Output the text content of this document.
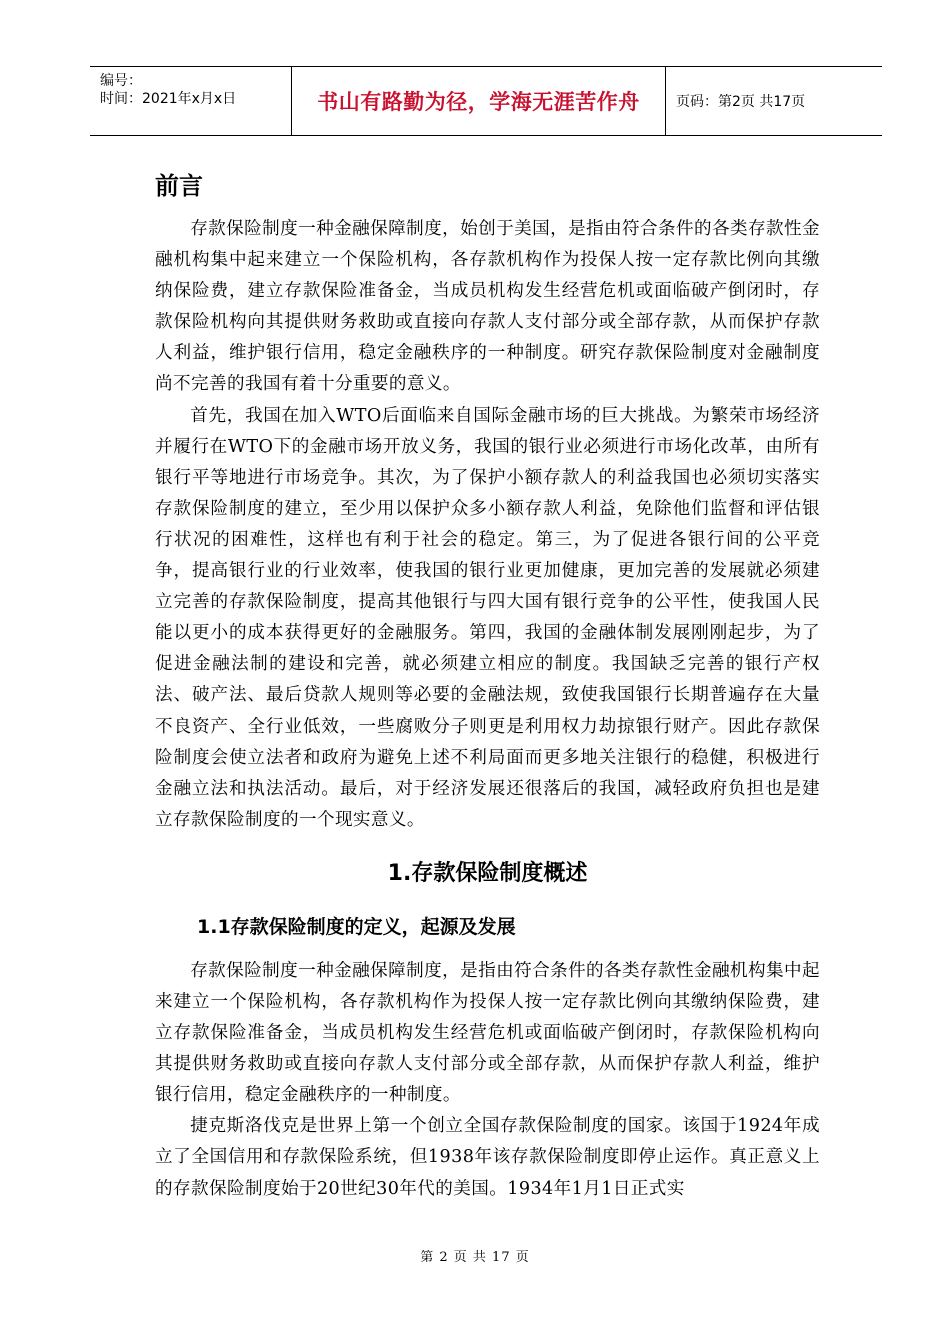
编号：
时间：2021年x月x日	书山有路勤为径，学海无涯苦作舟	页码：第2页 共17页
前言

存款保险制度一种金融保障制度，始创于美国，是指由符合条件的各类存款性金融机构集中起来建立一个保险机构，各存款机构作为投保人按一定存款比例向其缴纳保险费，建立存款保险准备金，当成员机构发生经营危机或面临破产倒闭时，存款保险机构向其提供财务救助或直接向存款人支付部分或全部存款，从而保护存款人利益，维护银行信用，稳定金融秩序的一种制度。研究存款保险制度对金融制度尚不完善的我国有着十分重要的意义。

首先，我国在加入WTO后面临来自国际金融市场的巨大挑战。为繁荣市场经济并履行在WTO下的金融市场开放义务，我国的银行业必须进行市场化改革，由所有银行平等地进行市场竞争。其次，为了保护小额存款人的利益我国也必须切实落实存款保险制度的建立，至少用以保护众多小额存款人利益，免除他们监督和评估银行状况的困难性，这样也有利于社会的稳定。第三，为了促进各银行间的公平竞争，提高银行业的行业效率，使我国的银行业更加健康，更加完善的发展就必须建立完善的存款保险制度，提高其他银行与四大国有银行竞争的公平性，使我国人民能以更小的成本获得更好的金融服务。第四，我国的金融体制发展刚刚起步，为了促进金融法制的建设和完善，就必须建立相应的制度。我国缺乏完善的银行产权法、破产法、最后贷款人规则等必要的金融法规，致使我国银行长期普遍存在大量不良资产、全行业低效，一些腐败分子则更是利用权力劫掠银行财产。因此存款保险制度会使立法者和政府为避免上述不利局面而更多地关注银行的稳健，积极进行金融立法和执法活动。最后，对于经济发展还很落后的我国，减轻政府负担也是建立存款保险制度的一个现实意义。

1.存款保险制度概述
1.1存款保险制度的定义，起源及发展

存款保险制度一种金融保障制度，是指由符合条件的各类存款性金融机构集中起来建立一个保险机构，各存款机构作为投保人按一定存款比例向其缴纳保险费，建立存款保险准备金，当成员机构发生经营危机或面临破产倒闭时，存款保险机构向其提供财务救助或直接向存款人支付部分或全部存款，从而保护存款人利益，维护银行信用，稳定金融秩序的一种制度。

捷克斯洛伐克是世界上第一个创立全国存款保险制度的国家。该国于1924年成立了全国信用和存款保险系统，但1938年该存款保险制度即停止运作。真正意义上的存款保险制度始于20世纪30年代的美国。1934年1月1日正式实

第 2 页 共 17 页
